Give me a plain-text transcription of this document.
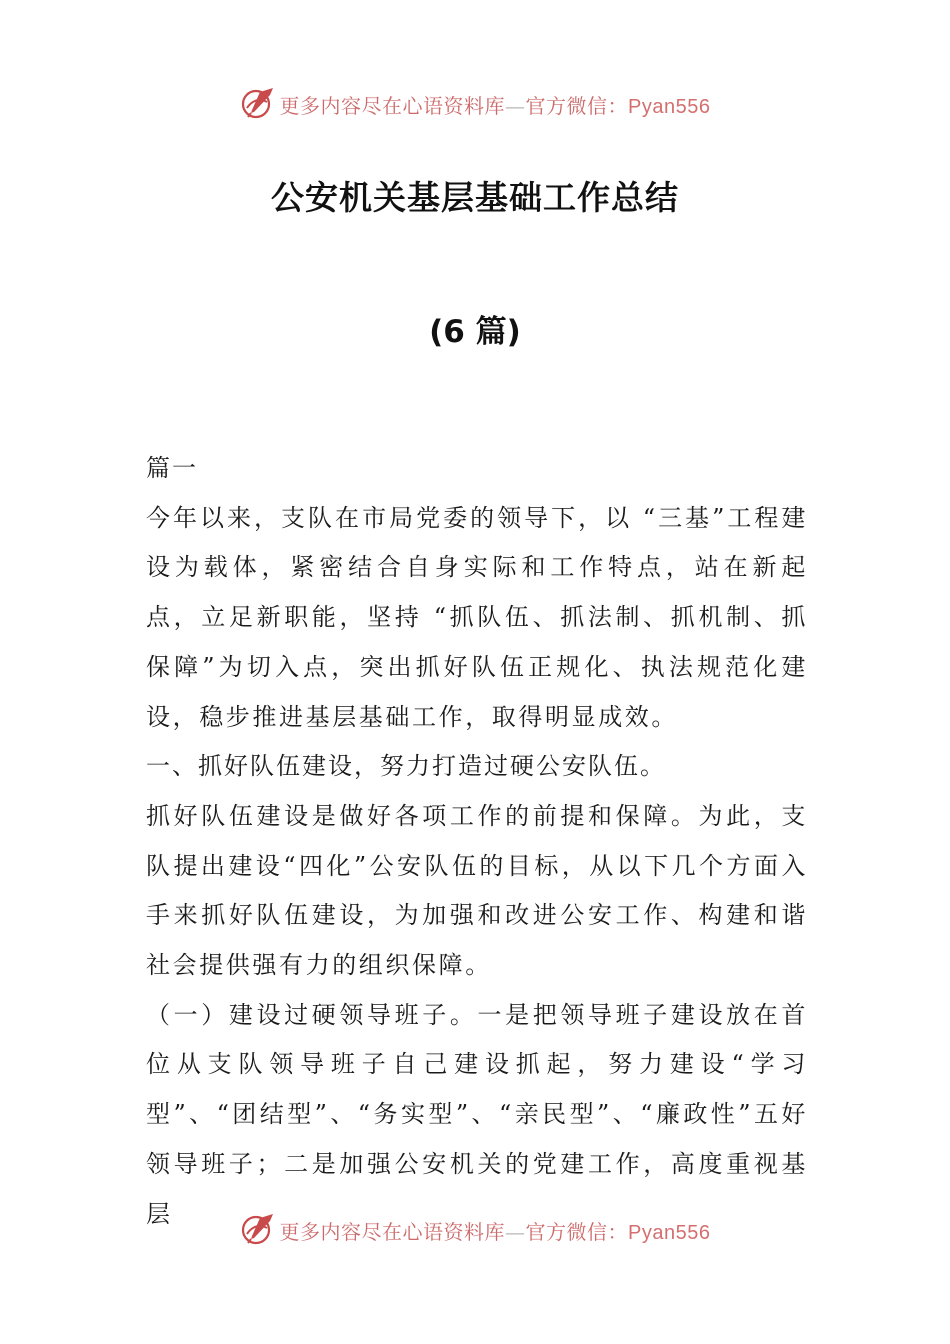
更多内容尽在心语资料库—官方微信：Pyan556
公安机关基层基础工作总结
(6 篇)

篇一

今年以来，支队在市局党委的领导下，以 “三基”工程建设为载体，紧密结合自身实际和工作特点，站在新起点，立足新职能，坚持 “抓队伍、抓法制、抓机制、抓保障”为切入点，突出抓好队伍正规化、执法规范化建设，稳步推进基层基础工作，取得明显成效。

一、抓好队伍建设，努力打造过硬公安队伍。

抓好队伍建设是做好各项工作的前提和保障。为此，支队提出建设“四化”公安队伍的目标，从以下几个方面入手来抓好队伍建设，为加强和改进公安工作、构建和谐社会提供强有力的组织保障。

（一）建设过硬领导班子。一是把领导班子建设放在首位从支队领导班子自己建设抓起，努力建设“学习型”、“团结型”、“务实型”、“亲民型”、“廉政性”五好领导班子；二是加强公安机关的党建工作，高度重视基层

更多内容尽在心语资料库—官方微信：Pyan556
